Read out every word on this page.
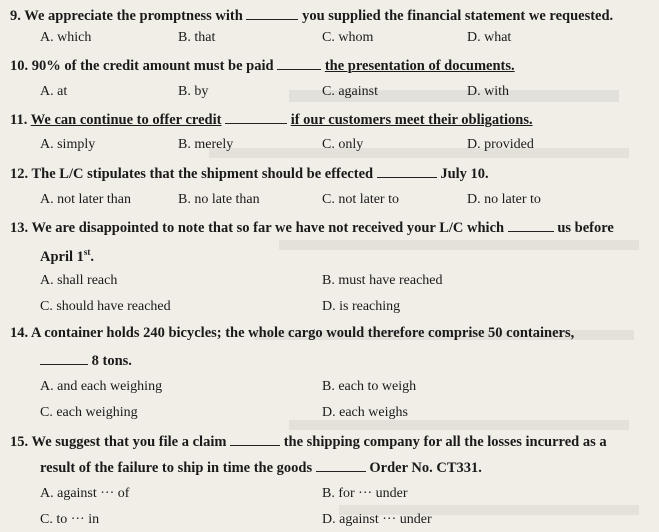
9. We appreciate the promptness with	you supplied the financial statement we requested.
A. which	B. that	C. whom	D. what
10. 90% of the credit amount must be paid	the presentation of documents.
A. at	B. by	C. against	D. with
11. We can continue to offer credit	if our customers meet their obligations.
A. simply	B. merely	C. only	D. provided
12. The L/C stipulates that the shipment should be effected	July 10.
A. not later than	B. no late than	C. not later to	D. no later to
13. We are disappointed to note that so far we have not received your L/C which	us before
April 1st.
A. shall reach	B. must have reached
C. should have reached	D. is reaching
14. A container holds 240 bicycles; the whole cargo would therefore comprise 50 containers,
8 tons.
A. and each weighing	B. each to weigh
C. each weighing	D. each weighs
15. We suggest that you file a claim	the shipping company for all the losses incurred as a
result of the failure to ship in time the goods	Order No. CT331.
A. against ··· of	B. for ··· under
C. to ··· in	D. against ··· under
